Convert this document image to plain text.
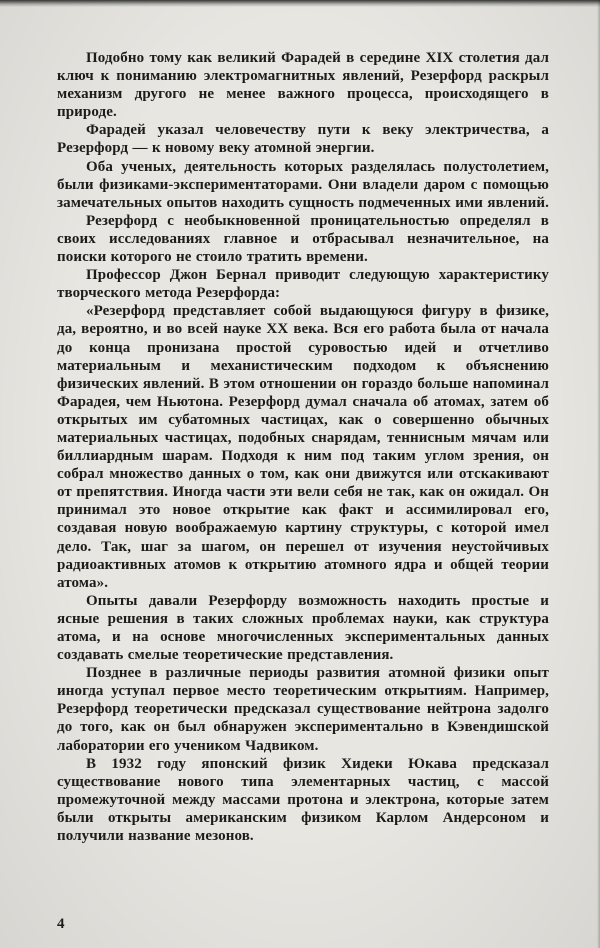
Подобно тому как великий Фарадей в середине XIX столетия дал ключ к пониманию электромагнитных явлений, Резерфорд раскрыл механизм другого не менее важного процесса, происходящего в природе.

Фарадей указал человечеству пути к веку электричества, а Резерфорд — к новому веку атомной энергии.

Оба ученых, деятельность которых разделялась полустолетием, были физиками-экспериментаторами. Они владели даром с помощью замечательных опытов находить сущность подмеченных ими явлений.

Резерфорд с необыкновенной проницательностью определял в своих исследованиях главное и отбрасывал незначительное, на поиски которого не стоило тратить времени.

Профессор Джон Бернал приводит следующую характеристику творческого метода Резерфорда:

«Резерфорд представляет собой выдающуюся фигуру в физике, да, вероятно, и во всей науке XX века. Вся его работа была от начала до конца пронизана простой суровостью идей и отчетливо материальным и механистическим подходом к объяснению физических явлений. В этом отношении он гораздо больше напоминал Фарадея, чем Ньютона. Резерфорд думал сначала об атомах, затем об открытых им субатомных частицах, как о совершенно обычных материальных частицах, подобных снарядам, теннисным мячам или биллиардным шарам. Подходя к ним под таким углом зрения, он собрал множество данных о том, как они движутся или отскакивают от препятствия. Иногда части эти вели себя не так, как он ожидал. Он принимал это новое открытие как факт и ассимилировал его, создавая новую воображаемую картину структуры, с которой имел дело. Так, шаг за шагом, он перешел от изучения неустойчивых радиоактивных атомов к открытию атомного ядра и общей теории атома».

Опыты давали Резерфорду возможность находить простые и ясные решения в таких сложных проблемах науки, как структура атома, и на основе многочисленных экспериментальных данных создавать смелые теоретические представления.

Позднее в различные периоды развития атомной физики опыт иногда уступал первое место теоретическим открытиям. Например, Резерфорд теоретически предсказал существование нейтрона задолго до того, как он был обнаружен экспериментально в Кэвендишской лаборатории его учеником Чадвиком.

В 1932 году японский физик Хидеки Юкава предсказал существование нового типа элементарных частиц, с массой промежуточной между массами протона и электрона, которые затем были открыты американским физиком Карлом Андерсоном и получили название мезонов.

4
